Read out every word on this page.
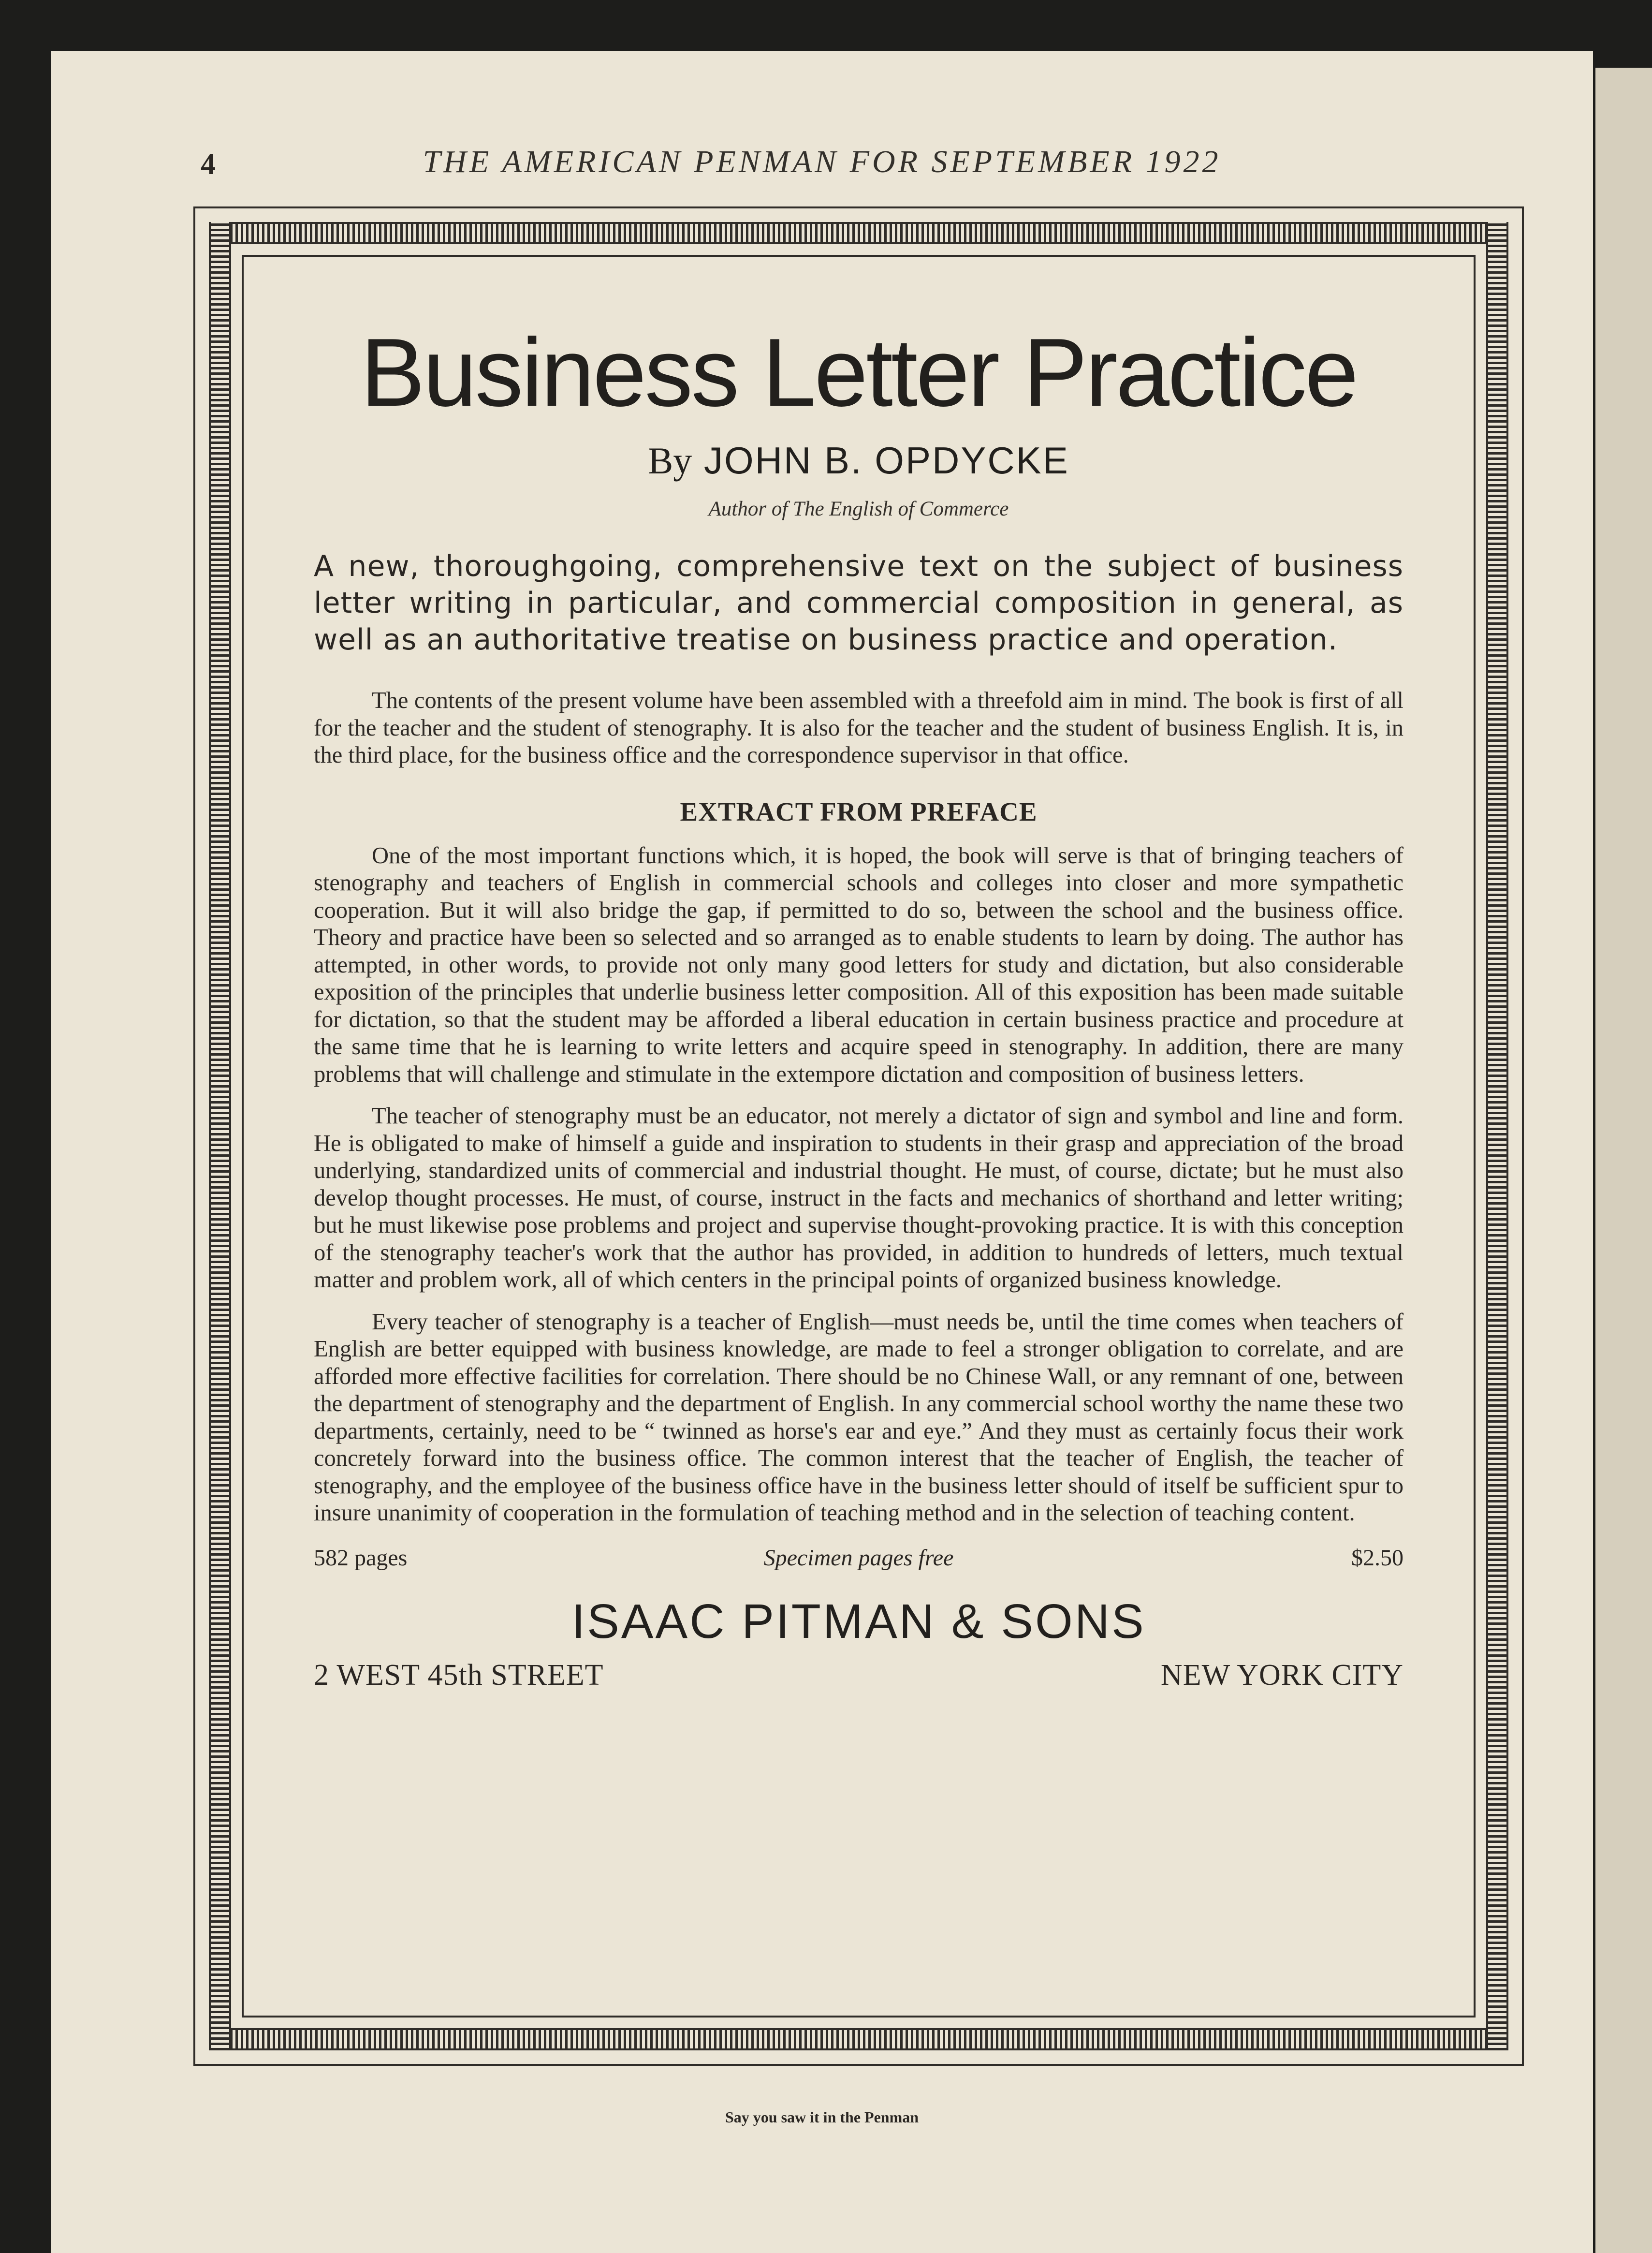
4	THE AMERICAN PENMAN FOR SEPTEMBER 1922
Business Letter Practice
By JOHN B. OPDYCKE
Author of The English of Commerce

A new, thoroughgoing, comprehensive text on the subject of business letter writing in particular, and commercial composition in general, as well as an authoritative treatise on business practice and operation.

The contents of the present volume have been assembled with a threefold aim in mind. The book is first of all for the teacher and the student of stenography. It is also for the teacher and the student of business English. It is, in the third place, for the business office and the correspondence supervisor in that office.

EXTRACT FROM PREFACE

One of the most important functions which, it is hoped, the book will serve is that of bringing teachers of stenography and teachers of English in commercial schools and colleges into closer and more sympathetic cooperation. But it will also bridge the gap, if permitted to do so, between the school and the business office. Theory and practice have been so selected and so arranged as to enable students to learn by doing. The author has attempted, in other words, to provide not only many good letters for study and dictation, but also considerable exposition of the principles that underlie business letter composition. All of this exposition has been made suitable for dictation, so that the student may be afforded a liberal education in certain business practice and procedure at the same time that he is learning to write letters and acquire speed in stenography. In addition, there are many problems that will challenge and stimulate in the extempore dictation and composition of business letters.

The teacher of stenography must be an educator, not merely a dictator of sign and symbol and line and form. He is obligated to make of himself a guide and inspiration to students in their grasp and appreciation of the broad underlying, standardized units of commercial and industrial thought. He must, of course, dictate; but he must also develop thought processes. He must, of course, instruct in the facts and mechanics of shorthand and letter writing; but he must likewise pose problems and project and supervise thought-provoking practice. It is with this conception of the stenography teacher's work that the author has provided, in addition to hundreds of letters, much textual matter and problem work, all of which centers in the principal points of organized business knowledge.

Every teacher of stenography is a teacher of English—must needs be, until the time comes when teachers of English are better equipped with business knowledge, are made to feel a stronger obligation to correlate, and are afforded more effective facilities for correlation. There should be no Chinese Wall, or any remnant of one, between the department of stenography and the department of English. In any commercial school worthy the name these two departments, certainly, need to be “ twinned as horse's ear and eye.” And they must as certainly focus their work concretely forward into the business office. The common interest that the teacher of English, the teacher of stenography, and the employee of the business office have in the business letter should of itself be sufficient spur to insure unanimity of cooperation in the formulation of teaching method and in the selection of teaching content.

582 pages	Specimen pages free	$2.50
ISAAC PITMAN & SONS
2 WEST 45th STREET	NEW YORK CITY
Say you saw it in the Penman
